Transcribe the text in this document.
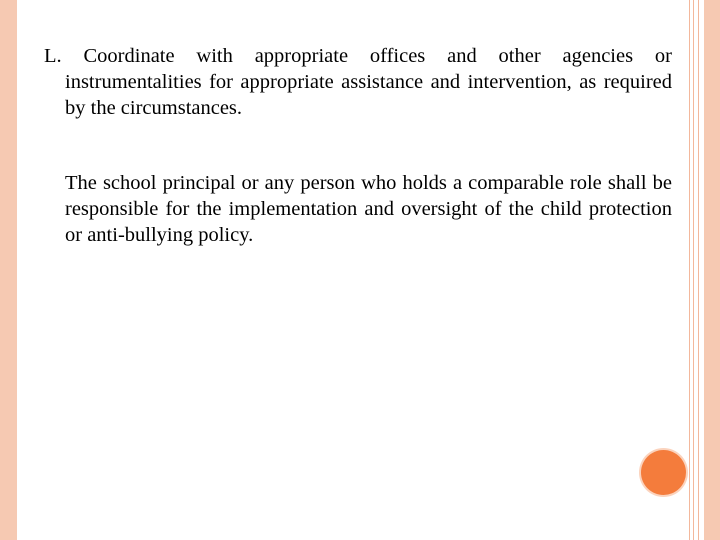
L. Coordinate with appropriate offices and other agencies or instrumentalities for appropriate assistance and intervention, as required by the circumstances.

The school principal or any person who holds a comparable role shall be responsible for the implementation and oversight of the child protection or anti-bullying policy.
